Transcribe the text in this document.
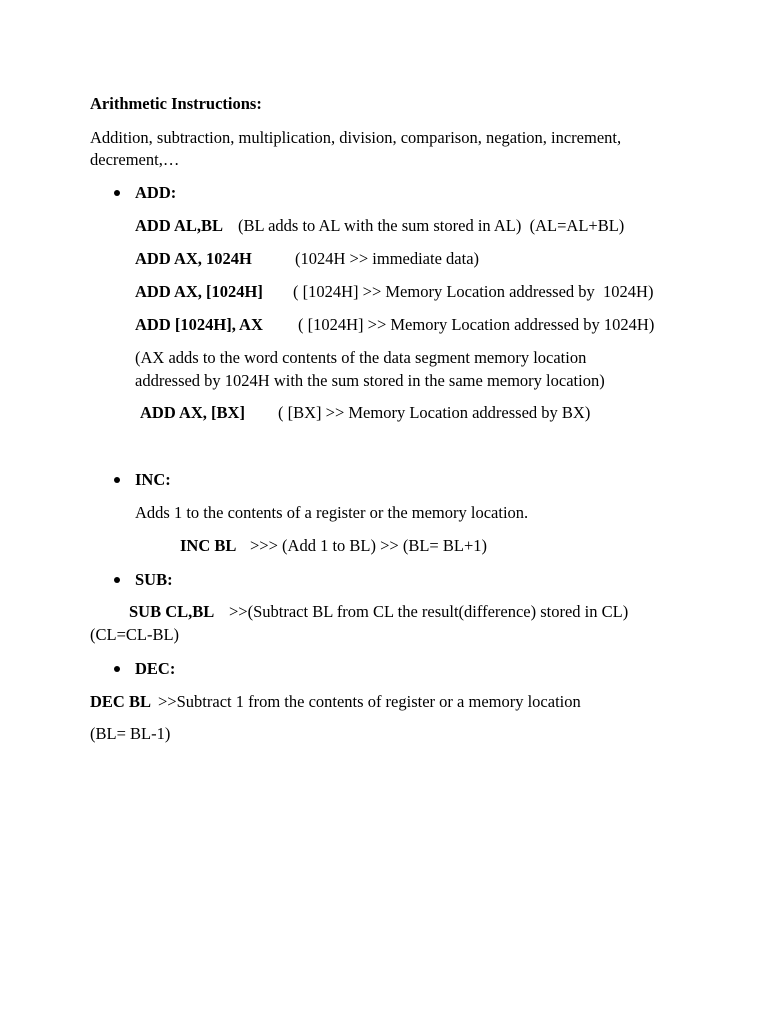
Arithmetic Instructions:
Addition, subtraction, multiplication, division, comparison, negation, increment,
decrement,…
ADD:
ADD AL,BL (BL adds to AL with the sum stored in AL)  (AL=AL+BL)
ADD AX, 1024H	(1024H >> immediate data)
ADD AX, [1024H] ( [1024H] >> Memory Location addressed by  1024H)
ADD [1024H], AX ( [1024H] >> Memory Location addressed by 1024H)
(AX adds to the word contents of the data segment memory location
addressed by 1024H with the sum stored in the same memory location)
ADD AX, [BX] ( [BX] >> Memory Location addressed by BX)
INC:
Adds 1 to the contents of a register or the memory location.
INC BL >>> (Add 1 to BL) >> (BL= BL+1)
SUB:
SUB CL,BL >>(Subtract BL from CL the result(difference) stored in CL)
(CL=CL-BL)
DEC:
DEC BL >>Subtract 1 from the contents of register or a memory location
(BL= BL-1)
